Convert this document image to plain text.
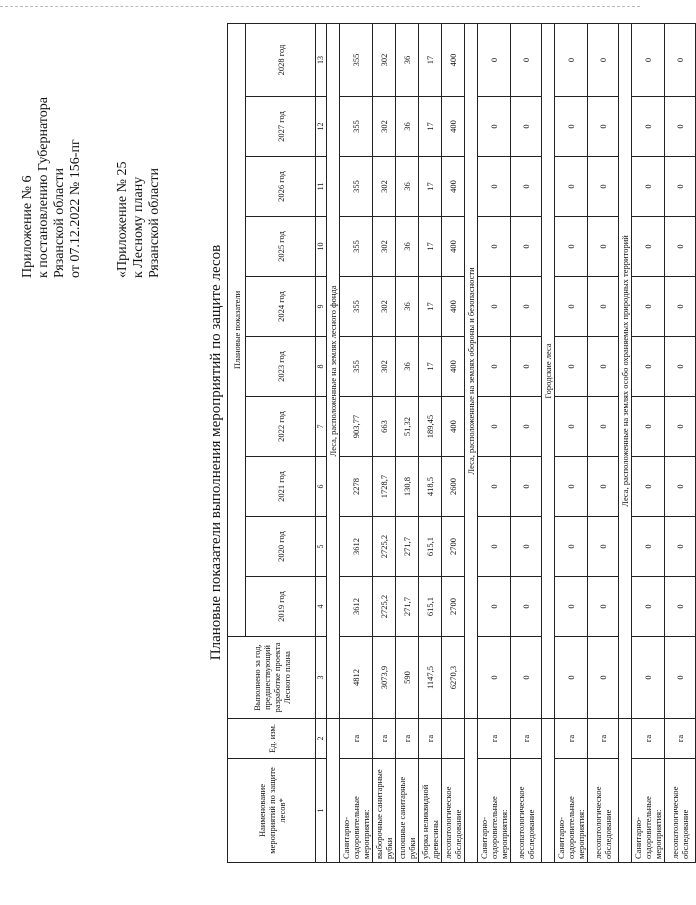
Приложение № 6 к постановлению Губернатора Рязанской области от 07.12.2022 № 156-пг «Приложение № 25 к Лесному плану Рязанской области
Плановые показатели выполнения мероприятий по защите лесов
Наименование мероприятий по защите лесов*	Ед. изм.	Выполнено за год, предшествующий разработке проекта Лесного плана	Плановые показатели									
			2019 год	2020 год	2021 год	2022 год	2023 год	2024 год	2025 год	2026 год	2027 год	2028 год
1	2	3	4	5	6	7	8	9	10	11	12	13
		Леса, расположенные на землях лесного фонда										
Санитарно-оздоровительные мероприятия:	га	4812	3612	3612	2278	903,77	355	355	355	355	355	355
выборочные санитарные рубки	га	3073,9	2725,2	2725,2	1728,7	663	302	302	302	302	302	302
сплошные санитарные рубки	га	590	271,7	271,7	130,8	51,32	36	36	36	36	36	36
уборка неликвидной древесины	га	1147,5	615,1	615,1	418,5	189,45	17	17	17	17	17	17
лесопатологическое обследование		6270,3	2700	2700	2600	400	400	400	400	400	400	400
		Леса, расположенные на землях обороны и безопасности										
Санитарно-оздоровительные мероприятия:	га	0	0	0	0	0	0	0	0	0	0	0
лесопатологическое обследование	га	0	0	0	0	0	0	0	0	0	0	0
		Городские леса										
Санитарно-оздоровительные мероприятия:	га	0	0	0	0	0	0	0	0	0	0	0
лесопатологическое обследование	га	0	0	0	0	0	0	0	0	0	0	0
		Леса, расположенные на землях особо охраняемых природных территорий										
Санитарно-оздоровительные мероприятия:	га	0	0	0	0	0	0	0	0	0	0	0
лесопатологическое обследование	га	0	0	0	0	0	0	0	0	0	0	0
